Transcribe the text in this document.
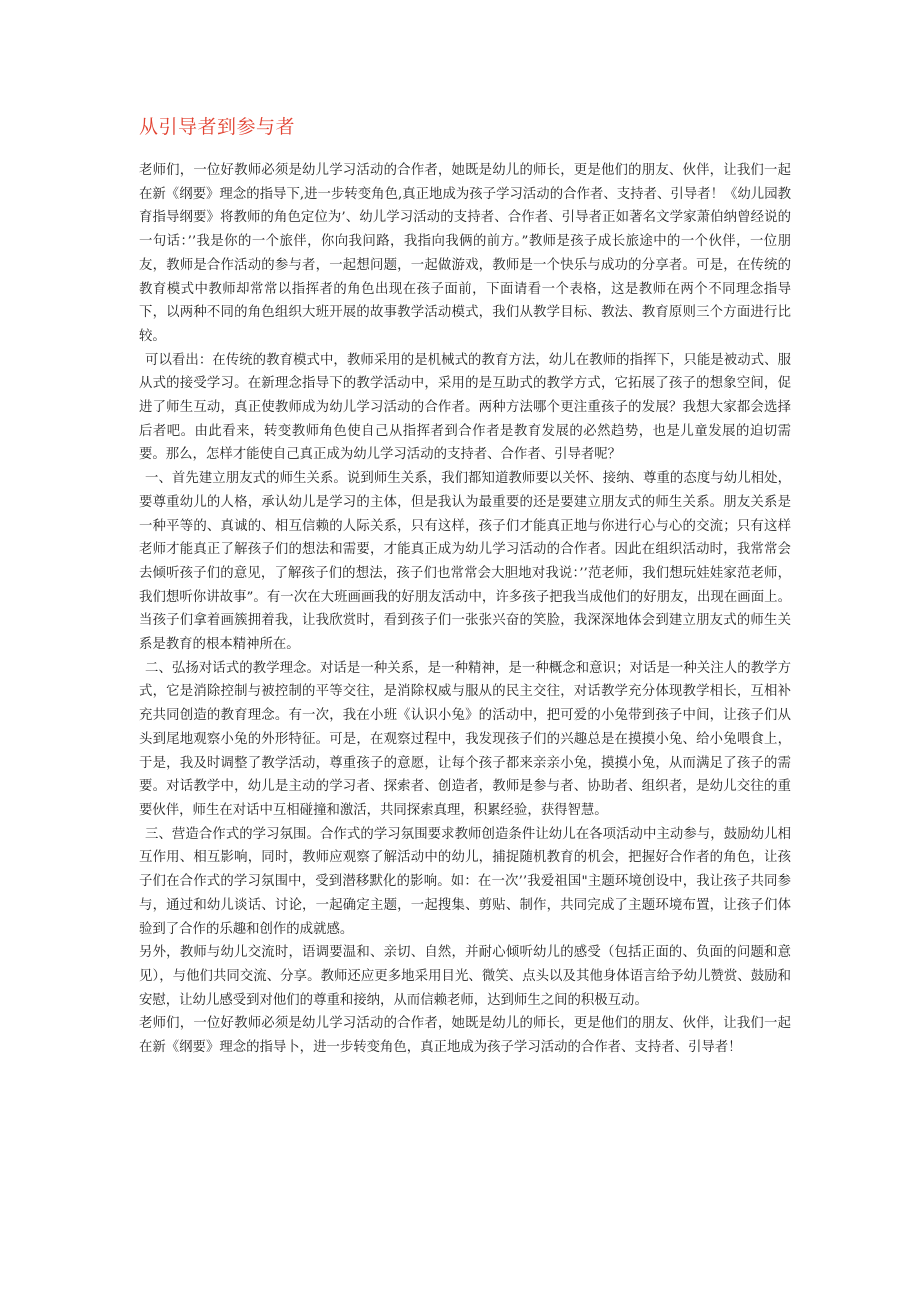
从引导者到参与者

老师们，一位好教师必须是幼儿学习活动的合作者，她既是幼儿的师长，更是他们的朋友、伙伴，让我们一起在新《纲要》理念的指导下,进一步转变角色,真正地成为孩子学习活动的合作者、支持者、引导者！《幼儿园教育指导纲要》将教师的角色定位为’、幼儿学习活动的支持者、合作者、引导者正如著名文学家萧伯纳曾经说的一句话：’’我是你的一个旅伴，你向我问路，我指向我俩的前方。”教师是孩子成长旅途中的一个伙伴，一位朋友，教师是合作活动的参与者，一起想问题，一起做游戏，教师是一个快乐与成功的分享者。可是，在传统的教育模式中教师却常常以指挥者的角色出现在孩子面前，下面请看一个表格，这是教师在两个不同理念指导下，以两种不同的角色组织大班开展的故事教学活动模式，我们从教学目标、教法、教育原则三个方面进行比较。

可以看出：在传统的教育模式中，教师采用的是机械式的教育方法，幼儿在教师的指挥下，只能是被动式、服从式的接受学习。在新理念指导下的教学活动中，采用的是互助式的教学方式，它拓展了孩子的想象空间，促进了师生互动，真正使教师成为幼儿学习活动的合作者。两种方法哪个更注重孩子的发展？我想大家都会选择后者吧。由此看来，转变教师角色使自己从指挥者到合作者是教育发展的必然趋势，也是儿童发展的迫切需要。那么，怎样才能使自己真正成为幼儿学习活动的支持者、合作者、引导者呢？

一、首先建立朋友式的师生关系。说到师生关系，我们都知道教师要以关怀、接纳、尊重的态度与幼儿相处，要尊重幼儿的人格，承认幼儿是学习的主体，但是我认为最重要的还是要建立朋友式的师生关系。朋友关系是一种平等的、真诚的、相互信赖的人际关系，只有这样，孩子们才能真正地与你进行心与心的交流；只有这样老师才能真正了解孩子们的想法和需要，才能真正成为幼儿学习活动的合作者。因此在组织活动时，我常常会去倾听孩子们的意见，了解孩子们的想法，孩子们也常常会大胆地对我说：’’范老师，我们想玩娃娃家范老师，我们想听你讲故事”。有一次在大班画画我的好朋友活动中，许多孩子把我当成他们的好朋友，出现在画面上。当孩子们拿着画簇拥着我，让我欣赏时，看到孩子们一张张兴奋的笑脸，我深深地体会到建立朋友式的师生关系是教育的根本精神所在。

二、弘扬对话式的教学理念。对话是一种关系，是一种精神，是一种概念和意识；对话是一种关注人的教学方式，它是消除控制与被控制的平等交往，是消除权威与服从的民主交往，对话教学充分体现教学相长，互相补充共同创造的教育理念。有一次，我在小班《认识小兔》的活动中，把可爱的小兔带到孩子中间，让孩子们从头到尾地观察小兔的外形特征。可是，在观察过程中，我发现孩子们的兴趣总是在摸摸小兔、给小兔喂食上，于是，我及时调整了教学活动，尊重孩子的意愿，让每个孩子都来亲亲小兔，摸摸小兔，从而满足了孩子的需要。对话教学中，幼儿是主动的学习者、探索者、创造者，教师是参与者、协助者、组织者，是幼儿交往的重要伙伴，师生在对话中互相碰撞和激活，共同探索真理，积累经验，获得智慧。

三、营造合作式的学习氛围。合作式的学习氛围要求教师创造条件让幼儿在各项活动中主动参与，鼓励幼儿相互作用、相互影响，同时，教师应观察了解活动中的幼儿，捕捉随机教育的机会，把握好合作者的角色，让孩子们在合作式的学习氛围中，受到潜移默化的影响。如：在一次’’我爱祖国"主题环境创设中，我让孩子共同参与，通过和幼儿谈话、讨论，一起确定主题，一起搜集、剪贴、制作，共同完成了主题环境布置，让孩子们体验到了合作的乐趣和创作的成就感。

另外，教师与幼儿交流时，语调要温和、亲切、自然，并耐心倾听幼儿的感受（包括正面的、负面的问题和意见），与他们共同交流、分享。教师还应更多地采用目光、微笑、点头以及其他身体语言给予幼儿赞赏、鼓励和安慰，让幼儿感受到对他们的尊重和接纳，从而信赖老师，达到师生之间的积极互动。

老师们，一位好教师必须是幼儿学习活动的合作者，她既是幼儿的师长，更是他们的朋友、伙伴，让我们一起在新《纲要》理念的指导卜，进一步转变角色，真正地成为孩子学习活动的合作者、支持者、引导者！
